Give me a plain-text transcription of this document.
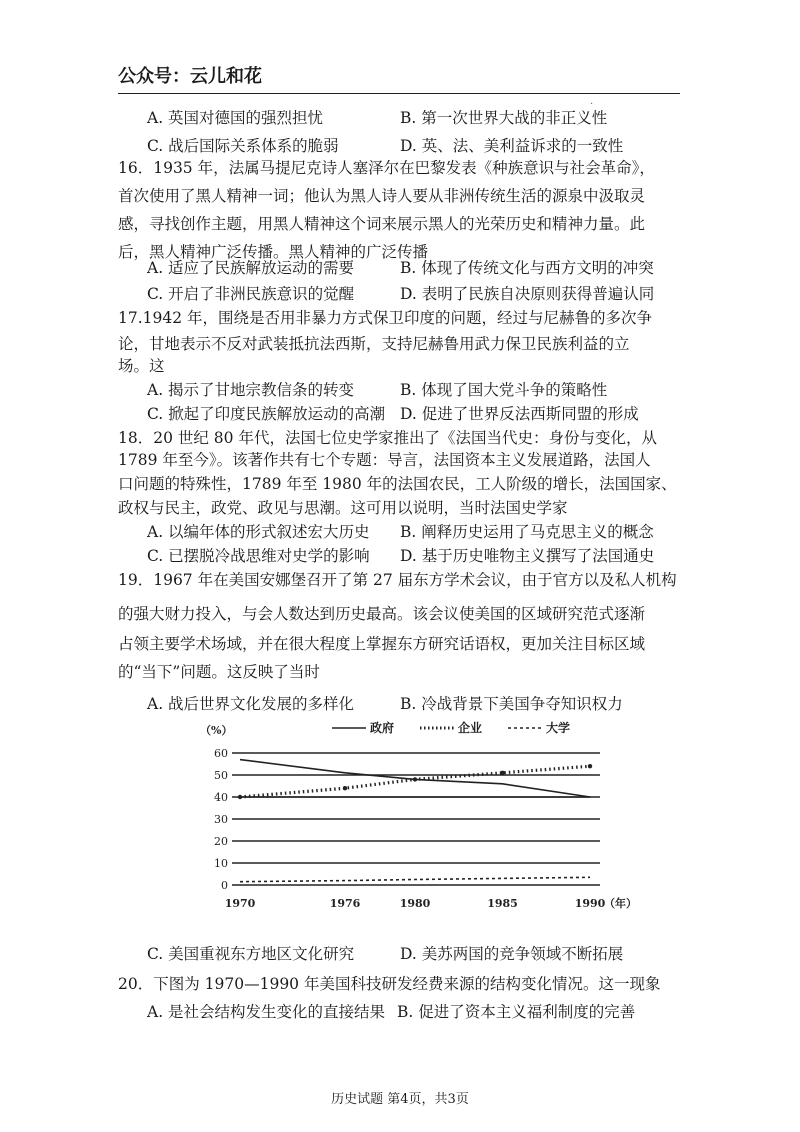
公众号：云儿和花
.
A. 英国对德国的强烈担忧	B. 第一次世界大战的非正义性
C. 战后国际关系体系的脆弱	D. 英、法、美利益诉求的一致性
16．1935 年，法属马提尼克诗人塞泽尔在巴黎发表《种族意识与社会革命》，
首次使用了黑人精神一词；他认为黑人诗人要从非洲传统生活的源泉中汲取灵
感，寻找创作主题，用黑人精神这个词来展示黑人的光荣历史和精神力量。此
后，黑人精神广泛传播。黑人精神的广泛传播
A. 适应了民族解放运动的需要	B. 体现了传统文化与西方文明的冲突
C. 开启了非洲民族意识的觉醒	D. 表明了民族自决原则获得普遍认同
17.1942 年，围绕是否用非暴力方式保卫印度的问题，经过与尼赫鲁的多次争
论，甘地表示不反对武装抵抗法西斯，支持尼赫鲁用武力保卫民族利益的立
场。这
A. 揭示了甘地宗教信条的转变	B. 体现了国大党斗争的策略性
C. 掀起了印度民族解放运动的高潮 D. 促进了世界反法西斯同盟的形成
18．20 世纪 80 年代，法国七位史学家推出了《法国当代史：身份与变化，从
1789 年至今》。该著作共有七个专题：导言，法国资本主义发展道路，法国人
口问题的特殊性，1789 年至 1980 年的法国农民，工人阶级的增长，法国国家、
政权与民主，政党、政见与思潮。这可用以说明，当时法国史学家
A. 以编年体的形式叙述宏大历史 B. 阐释历史运用了马克思主义的概念
C. 已摆脱冷战思维对史学的影响 D. 基于历史唯物主义撰写了法国通史
19．1967 年在美国安娜堡召开了第 27 届东方学术会议，由于官方以及私人机构
的强大财力投入，与会人数达到历史最高。该会议使美国的区域研究范式逐渐
占领主要学术场域，并在很大程度上掌握东方研究话语权，更加关注目标区域
的“当下”问题。这反映了当时
A. 战后世界文化发展的多样化	B. 冷战背景下美国争夺知识权力
0
10
20
30
40
50
60
1970	1976	1980	1985	1990
（%）
（年）
政府	企业	大学
C. 美国重视东方地区文化研究	D. 美苏两国的竞争领域不断拓展
20．下图为 1970—1990 年美国科技研发经费来源的结构变化情况。这一现象
A. 是社会结构发生变化的直接结果 B. 促进了资本主义福利制度的完善
历史试题 第4页，共3页
